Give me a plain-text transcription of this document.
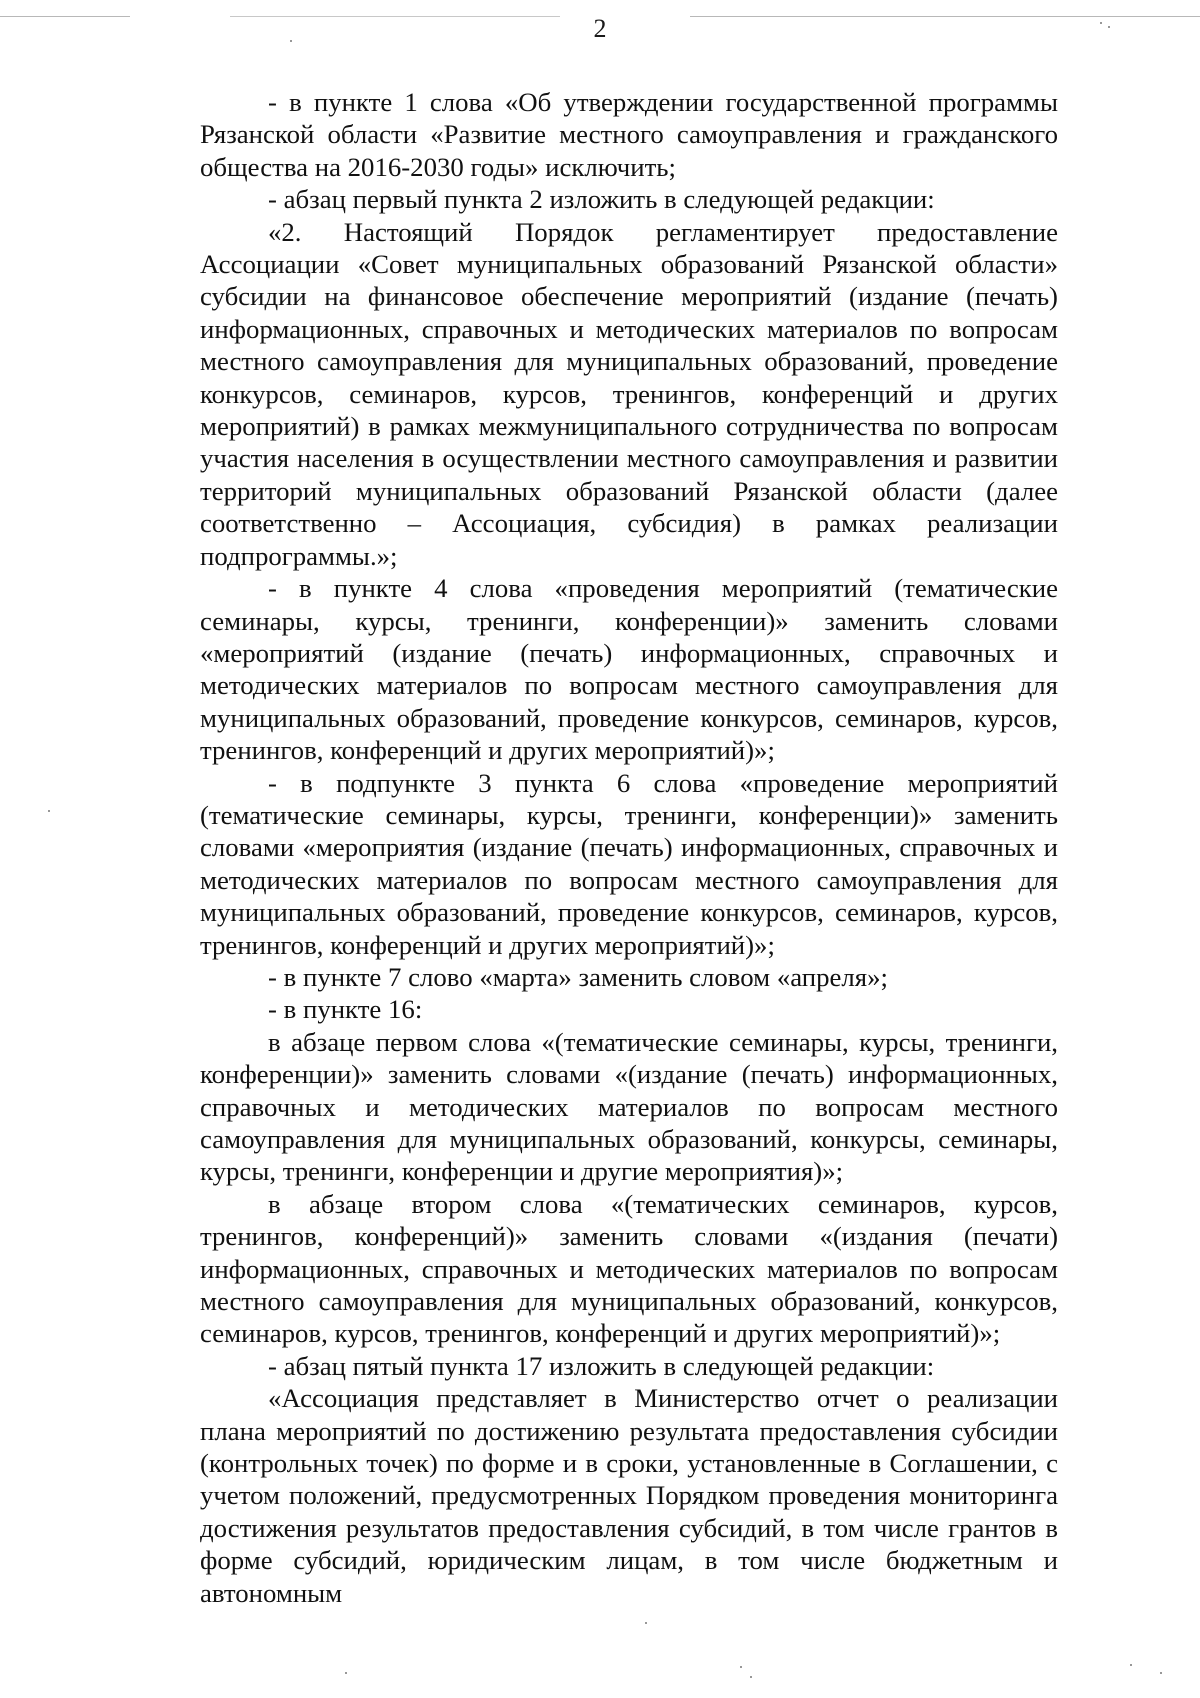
2

- в пункте 1 слова «Об утверждении государственной программы Рязанской области «Развитие местного самоуправления и гражданского общества на 2016-2030 годы» исключить;

- абзац первый пункта 2 изложить в следующей редакции:

«2. Настоящий Порядок регламентирует предоставление Ассоциации «Совет муниципальных образований Рязанской области» субсидии на финансовое обеспечение мероприятий (издание (печать) информационных, справочных и методических материалов по вопросам местного самоуправления для муниципальных образований, проведение конкурсов, семинаров, курсов, тренингов, конференций и других мероприятий) в рамках межмуниципального сотрудничества по вопросам участия населения в осуществлении местного самоуправления и развитии территорий муниципальных образований Рязанской области (далее соответственно – Ассоциация, субсидия) в рамках реализации подпрограммы.»;

- в пункте 4 слова «проведения мероприятий (тематические семинары, курсы, тренинги, конференции)» заменить словами «мероприятий (издание (печать) информационных, справочных и методических материалов по вопросам местного самоуправления для муниципальных образований, проведение конкурсов, семинаров, курсов, тренингов, конференций и других мероприятий)»;

- в подпункте 3 пункта 6 слова «проведение мероприятий (тематические семинары, курсы, тренинги, конференции)» заменить словами «мероприятия (издание (печать) информационных, справочных и методических материалов по вопросам местного самоуправления для муниципальных образований, проведение конкурсов, семинаров, курсов, тренингов, конференций и других мероприятий)»;

- в пункте 7 слово «марта» заменить словом «апреля»;

- в пункте 16:

в абзаце первом слова «(тематические семинары, курсы, тренинги, конференции)» заменить словами «(издание (печать) информационных, справочных и методических материалов по вопросам местного самоуправления для муниципальных образований, конкурсы, семинары, курсы, тренинги, конференции и другие мероприятия)»;

в абзаце втором слова «(тематических семинаров, курсов, тренингов, конференций)» заменить словами «(издания (печати) информационных, справочных и методических материалов по вопросам местного самоуправления для муниципальных образований, конкурсов, семинаров, курсов, тренингов, конференций и других мероприятий)»;

- абзац пятый пункта 17 изложить в следующей редакции:

«Ассоциация представляет в Министерство отчет о реализации плана мероприятий по достижению результата предоставления субсидии (контрольных точек) по форме и в сроки, установленные в Соглашении, с учетом положений, предусмотренных Порядком проведения мониторинга достижения результатов предоставления субсидий, в том числе грантов в форме субсидий, юридическим лицам, в том числе бюджетным и автономным
